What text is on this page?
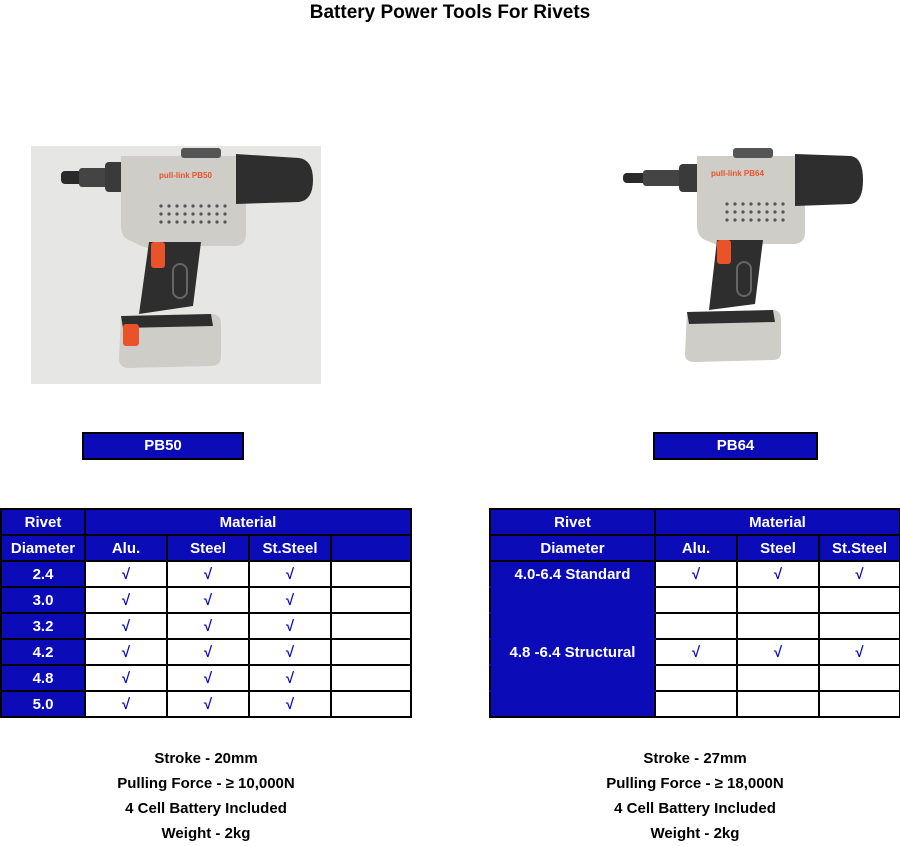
Battery Power Tools For Rivets
pull-link PB50	pull-link PB64
PB50	PB64
Rivet	Material			
Diameter	Alu.	Steel	St.Steel	
2.4	√	√	√	
3.0	√	√	√	
3.2	√	√	√	
4.2	√	√	√	
4.8	√	√	√	
5.0	√	√	√	
Rivet	Material		
Diameter	Alu.	Steel	St.Steel
4.0-6.4 Standard	√	√	√

4.8 -6.4 Structural	√	√	√

Stroke - 20mm
Pulling Force - ≥ 10,000N
4 Cell Battery Included
Weight - 2kg
Stroke - 27mm
Pulling Force - ≥ 18,000N
4 Cell Battery Included
Weight - 2kg
